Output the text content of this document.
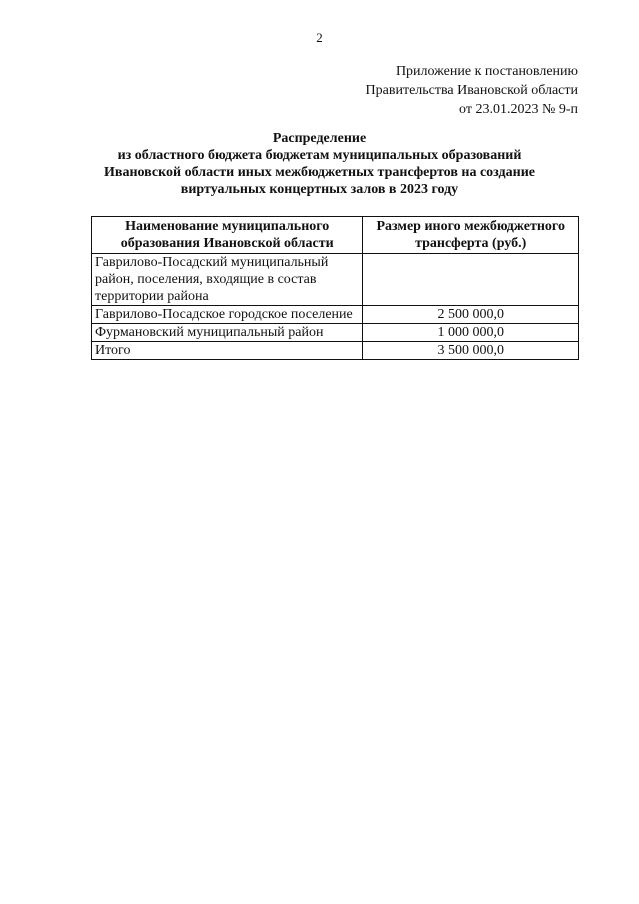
2
Приложение к постановлению
Правительства Ивановской области
от 23.01.2023 № 9-п
Распределение
из областного бюджета бюджетам муниципальных образований
Ивановской области иных межбюджетных трансфертов на создание
виртуальных концертных залов в 2023 году
Наименование муниципального образования Ивановской области	Размер иного межбюджетного трансферта (руб.)
Гаврилово-Посадский муниципальный район, поселения, входящие в состав территории района	
Гаврилово-Посадское городское поселение	2 500 000,0
Фурмановский муниципальный район	1 000 000,0
Итого	3 500 000,0
